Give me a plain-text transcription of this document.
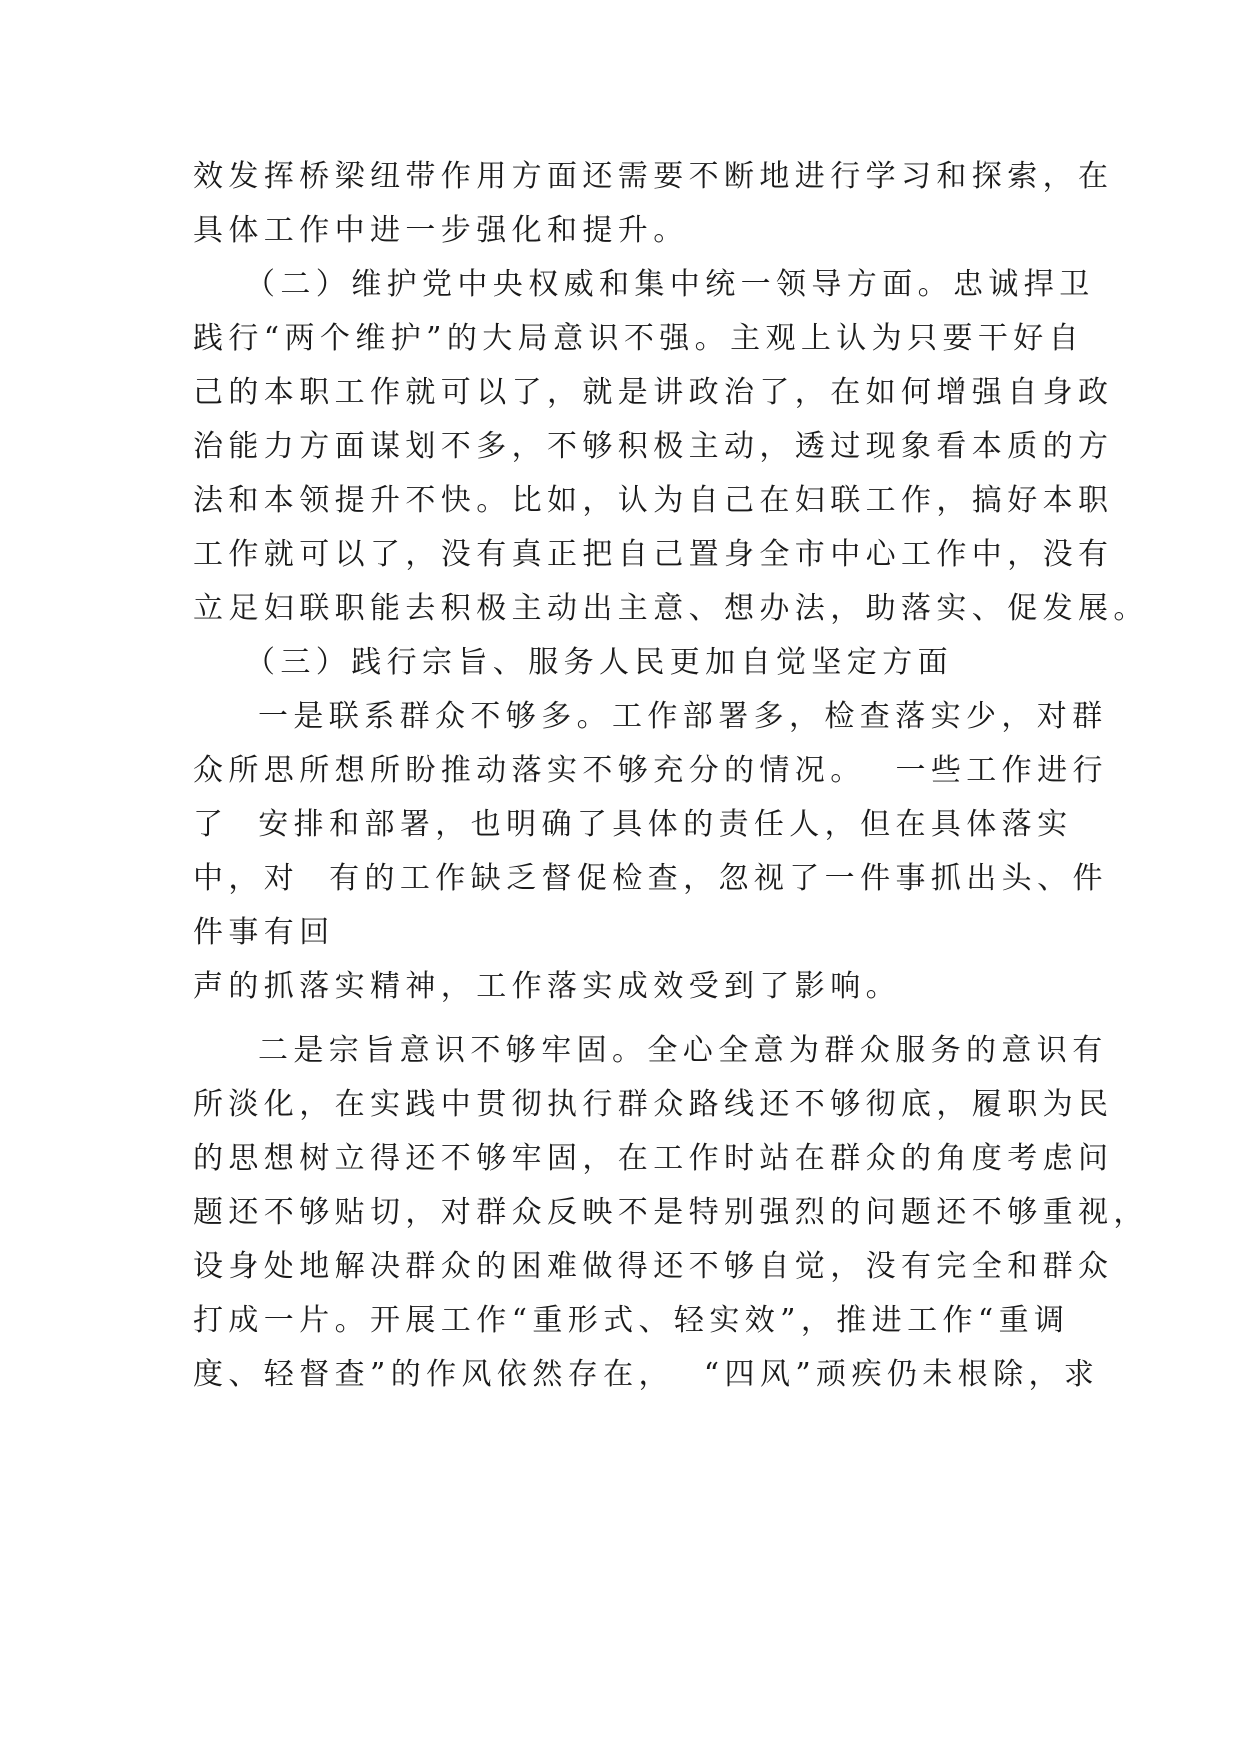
效发挥桥梁纽带作用方面还需要不断地进行学习和探索，在
具体工作中进一步强化和提升。
（二）维护党中央权威和集中统一领导方面。忠诚捍卫
践行“两个维护”的大局意识不强。主观上认为只要干好自
己的本职工作就可以了，就是讲政治了，在如何增强自身政
治能力方面谋划不多，不够积极主动，透过现象看本质的方
法和本领提升不快。比如，认为自己在妇联工作，搞好本职
工作就可以了，没有真正把自己置身全市中心工作中，没有
立足妇联职能去积极主动出主意、想办法，助落实、促发展。
（三）践行宗旨、服务人民更加自觉坚定方面
一是联系群众不够多。工作部署多，检查落实少，对群
众所思所想所盼推动落实不够充分的情况。  一些工作进行
了  安排和部署，也明确了具体的责任人，但在具体落实
中，对  有的工作缺乏督促检查，忽视了一件事抓出头、件
件事有回
声的抓落实精神，工作落实成效受到了影响。
二是宗旨意识不够牢固。全心全意为群众服务的意识有
所淡化，在实践中贯彻执行群众路线还不够彻底，履职为民
的思想树立得还不够牢固，在工作时站在群众的角度考虑问
题还不够贴切，对群众反映不是特别强烈的问题还不够重视，
设身处地解决群众的困难做得还不够自觉，没有完全和群众
打成一片。开展工作“重形式、轻实效”，推进工作“重调
度、轻督查”的作风依然存在，  “四风”顽疾仍未根除，求
